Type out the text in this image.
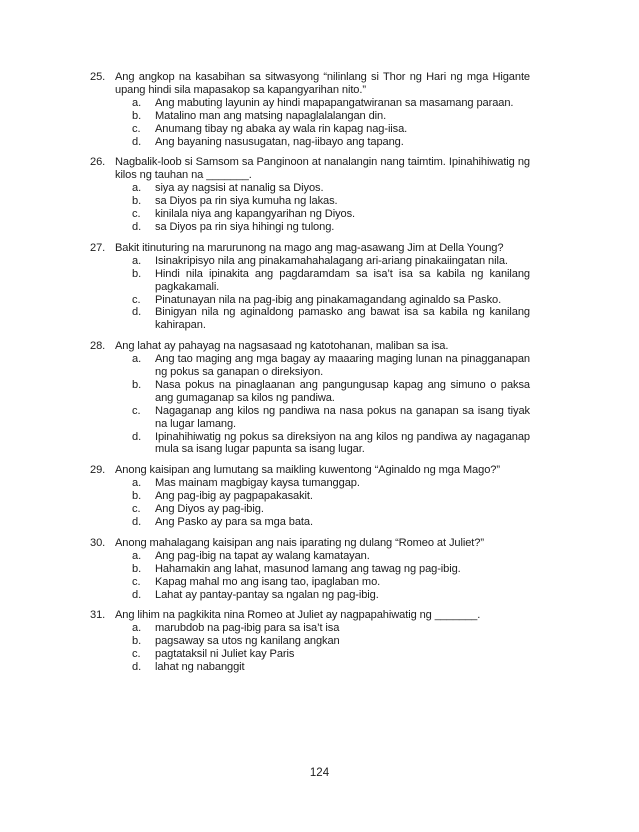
25. Ang angkop na kasabihan sa sitwasyong “nilinlang si Thor ng Hari ng mga Higante upang hindi sila mapasakop sa kapangyarihan nito.”
a.	Ang mabuting layunin ay hindi mapapangatwiranan sa masamang paraan.
b.	Matalino man ang matsing napaglalalangan din.
c.	Anumang tibay ng abaka ay wala rin kapag nag-iisa.
d.	Ang bayaning nasusugatan, nag-iibayo ang tapang.
26. Nagbalik-loob si Samsom sa Panginoon at nanalangin nang taimtim. Ipinahihiwatig ng kilos ng tauhan na _______.
a.	siya ay nagsisi at nanalig sa Diyos.
b.	sa Diyos pa rin siya kumuha ng lakas.
c.	kinilala niya ang kapangyarihan ng Diyos.
d.	sa Diyos pa rin siya hihingi ng tulong.
27. Bakit itinuturing na marurunong na mago ang mag-asawang Jim at Della Young?
a.	Isinakripisyo nila ang pinakamahahalagang ari-ariang pinakaiingatan nila.
b.	Hindi nila ipinakita ang pagdaramdam sa isa’t isa sa kabila ng kanilang pagkakamali.
c.	Pinatunayan nila na pag-ibig ang pinakamagandang aginaldo sa Pasko.
d.	Binigyan nila ng aginaldong pamasko ang bawat isa sa kabila ng kanilang kahirapan.
28. Ang lahat ay pahayag na nagsasaad ng katotohanan, maliban sa isa.
a.	Ang tao maging ang mga bagay ay maaaring maging lunan na pinagganapan ng pokus sa ganapan o direksiyon.
b.	Nasa pokus na pinaglaanan ang pangungusap kapag ang simuno o paksa ang gumaganap sa kilos ng pandiwa.
c.	Nagaganap ang kilos ng pandiwa na nasa pokus na ganapan sa isang tiyak na lugar lamang.
d.	Ipinahihiwatig ng pokus sa direksiyon na ang kilos ng pandiwa ay nagaganap mula sa isang lugar papunta sa isang lugar.
29. Anong kaisipan ang lumutang sa maikling kuwentong “Aginaldo ng mga Mago?”
a.	Mas mainam magbigay kaysa tumanggap.
b.	Ang pag-ibig ay pagpapakasakit.
c.	Ang Diyos ay pag-ibig.
d.	Ang Pasko ay para sa mga bata.
30. Anong mahalagang kaisipan ang nais iparating ng dulang “Romeo at Juliet?”
a.	Ang pag-ibig na tapat ay walang kamatayan.
b.	Hahamakin ang lahat, masunod lamang ang tawag ng pag-ibig.
c.	Kapag mahal mo ang isang tao, ipaglaban mo.
d.	Lahat ay pantay-pantay sa ngalan ng pag-ibig.
31. Ang lihim na pagkikita nina Romeo at Juliet ay nagpapahiwatig ng _______.
a.	marubdob na pag-ibig para sa isa’t isa
b.	pagsaway sa utos ng kanilang angkan
c.	pagtataksil ni Juliet kay Paris
d.	lahat ng nabanggit
124
